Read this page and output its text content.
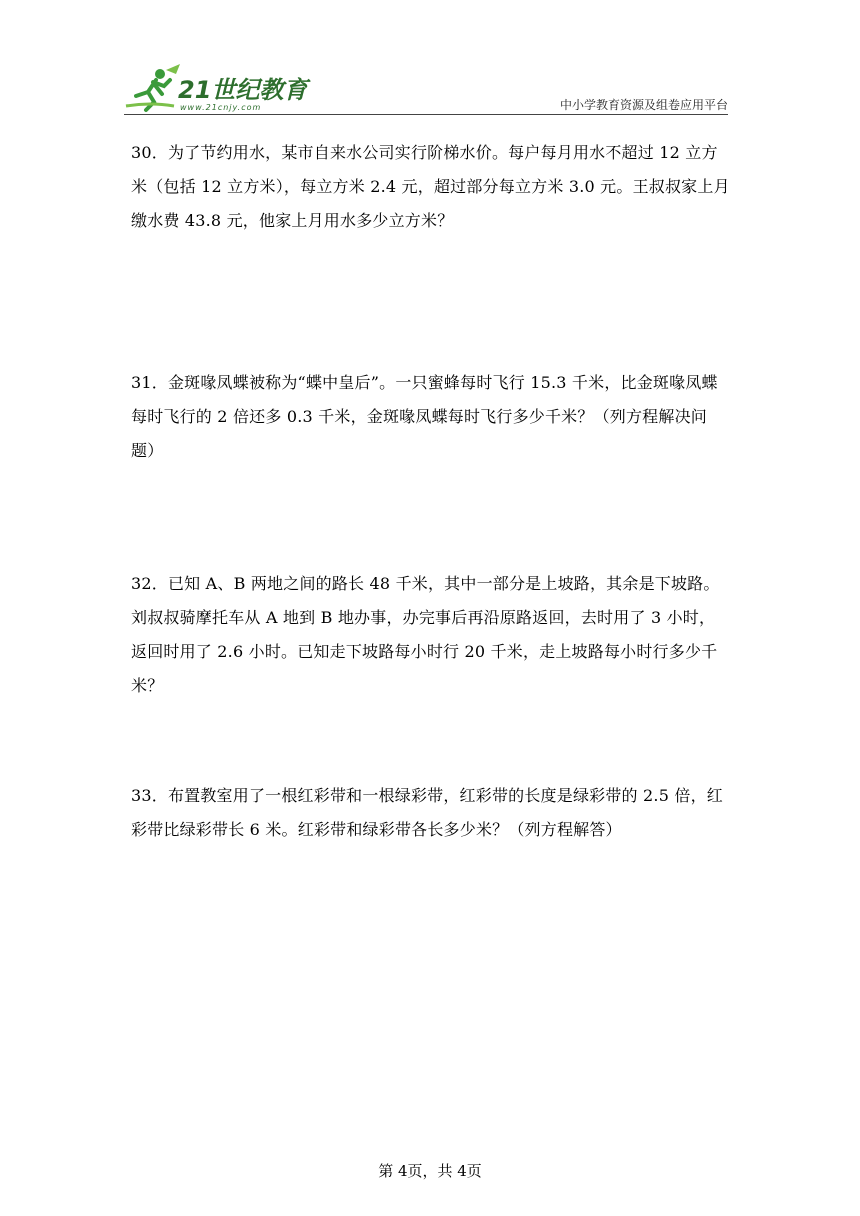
21世纪教育
www.21cnjy.com	中小学教育资源及组卷应用平台
30．为了节约用水，某市自来水公司实行阶梯水价。每户每月用水不超过 12 立方米（包括 12 立方米），每立方米 2.4 元，超过部分每立方米 3.0 元。王叔叔家上月缴水费 43.8 元，他家上月用水多少立方米？
31．金斑喙凤蝶被称为“蝶中皇后”。一只蜜蜂每时飞行 15.3 千米，比金斑喙凤蝶每时飞行的 2 倍还多 0.3 千米，金斑喙凤蝶每时飞行多少千米？（列方程解决问题）
32．已知 A、B 两地之间的路长 48 千米，其中一部分是上坡路，其余是下坡路。刘叔叔骑摩托车从 A 地到 B 地办事，办完事后再沿原路返回，去时用了 3 小时，返回时用了 2.6 小时。已知走下坡路每小时行 20 千米，走上坡路每小时行多少千米？
33．布置教室用了一根红彩带和一根绿彩带，红彩带的长度是绿彩带的 2.5 倍，红彩带比绿彩带长 6 米。红彩带和绿彩带各长多少米？（列方程解答）
第 4页，共 4页
